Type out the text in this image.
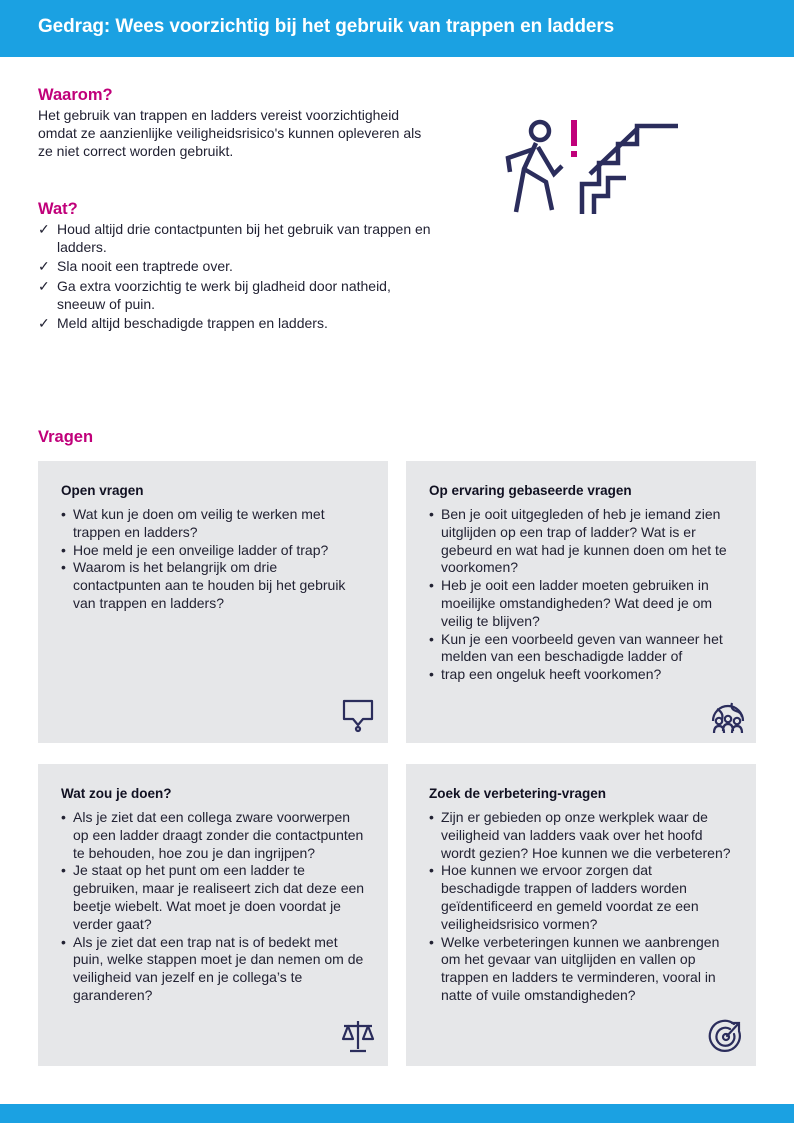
Gedrag: Wees voorzichtig bij het gebruik van trappen en ladders
Waarom?

Het gebruik van trappen en ladders vereist voorzichtigheid omdat ze aanzienlijke veiligheidsrisico's kunnen opleveren als ze niet correct worden gebruikt.

Wat?
✓ Houd altijd drie contactpunten bij het gebruik van trappen en ladders.
✓ Sla nooit een traptrede over.
✓ Ga extra voorzichtig te werk bij gladheid door natheid, sneeuw of puin.
✓ Meld altijd beschadigde trappen en ladders.
Vragen
Open vragen
• Wat kun je doen om veilig te werken met trappen en ladders?
• Hoe meld je een onveilige ladder of trap?
• Waarom is het belangrijk om drie contactpunten aan te houden bij het gebruik van trappen en ladders?
Op ervaring gebaseerde vragen
• Ben je ooit uitgegleden of heb je iemand zien uitglijden op een trap of ladder? Wat is er gebeurd en wat had je kunnen doen om het te voorkomen?
• Heb je ooit een ladder moeten gebruiken in moeilijke omstandigheden? Wat deed je om veilig te blijven?
• Kun je een voorbeeld geven van wanneer het melden van een beschadigde ladder of
• trap een ongeluk heeft voorkomen?
Wat zou je doen?
• Als je ziet dat een collega zware voorwerpen op een ladder draagt zonder die contactpunten te behouden, hoe zou je dan ingrijpen?
• Je staat op het punt om een ladder te gebruiken, maar je realiseert zich dat deze een beetje wiebelt. Wat moet je doen voordat je verder gaat?
• Als je ziet dat een trap nat is of bedekt met puin, welke stappen moet je dan nemen om de veiligheid van jezelf en je collega’s te garanderen?
Zoek de verbetering-vragen
• Zijn er gebieden op onze werkplek waar de veiligheid van ladders vaak over het hoofd wordt gezien? Hoe kunnen we die verbeteren?
• Hoe kunnen we ervoor zorgen dat beschadigde trappen of ladders worden geïdentificeerd en gemeld voordat ze een veiligheidsrisico vormen?
• Welke verbeteringen kunnen we aanbrengen om het gevaar van uitglijden en vallen op trappen en ladders te verminderen, vooral in natte of vuile omstandigheden?
